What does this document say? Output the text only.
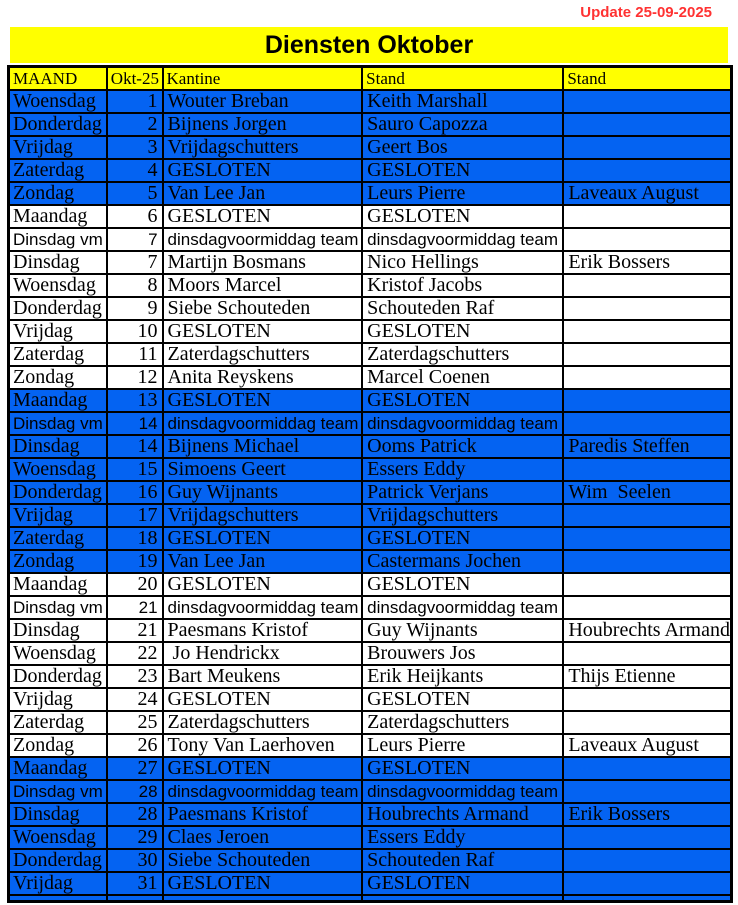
Update 25-09-2025
Diensten Oktober
MAAND	Okt-25	Kantine	Stand	Stand
Woensdag	1	Wouter Breban	Keith Marshall	
Donderdag	2	Bijnens Jorgen	Sauro Capozza	
Vrijdag	3	Vrijdagschutters	Geert Bos	
Zaterdag	4	GESLOTEN	GESLOTEN	
Zondag	5	Van Lee Jan	Leurs Pierre	Laveaux August
Maandag	6	GESLOTEN	GESLOTEN	
Dinsdag vm	7	dinsdagvoormiddag team	dinsdagvoormiddag team	
Dinsdag	7	Martijn Bosmans	Nico Hellings	Erik Bossers
Woensdag	8	Moors Marcel	Kristof Jacobs	
Donderdag	9	Siebe Schouteden	Schouteden Raf	
Vrijdag	10	GESLOTEN	GESLOTEN	
Zaterdag	11	Zaterdagschutters	Zaterdagschutters	
Zondag	12	Anita Reyskens	Marcel Coenen	
Maandag	13	GESLOTEN	GESLOTEN	
Dinsdag vm	14	dinsdagvoormiddag team	dinsdagvoormiddag team	
Dinsdag	14	Bijnens Michael	Ooms Patrick	Paredis Steffen
Woensdag	15	Simoens Geert	Essers Eddy	
Donderdag	16	Guy Wijnants	Patrick Verjans	Wim  Seelen
Vrijdag	17	Vrijdagschutters	Vrijdagschutters	
Zaterdag	18	GESLOTEN	GESLOTEN	
Zondag	19	Van Lee Jan	Castermans Jochen	
Maandag	20	GESLOTEN	GESLOTEN	
Dinsdag vm	21	dinsdagvoormiddag team	dinsdagvoormiddag team	
Dinsdag	21	Paesmans Kristof	Guy Wijnants	Houbrechts Armand
Woensdag	22	Jo Hendrickx	Brouwers Jos	
Donderdag	23	Bart Meukens	Erik Heijkants	Thijs Etienne
Vrijdag	24	GESLOTEN	GESLOTEN	
Zaterdag	25	Zaterdagschutters	Zaterdagschutters	
Zondag	26	Tony Van Laerhoven	Leurs Pierre	Laveaux August
Maandag	27	GESLOTEN	GESLOTEN	
Dinsdag vm	28	dinsdagvoormiddag team	dinsdagvoormiddag team	
Dinsdag	28	Paesmans Kristof	Houbrechts Armand	Erik Bossers
Woensdag	29	Claes Jeroen	Essers Eddy	
Donderdag	30	Siebe Schouteden	Schouteden Raf	
Vrijdag	31	GESLOTEN	GESLOTEN	
